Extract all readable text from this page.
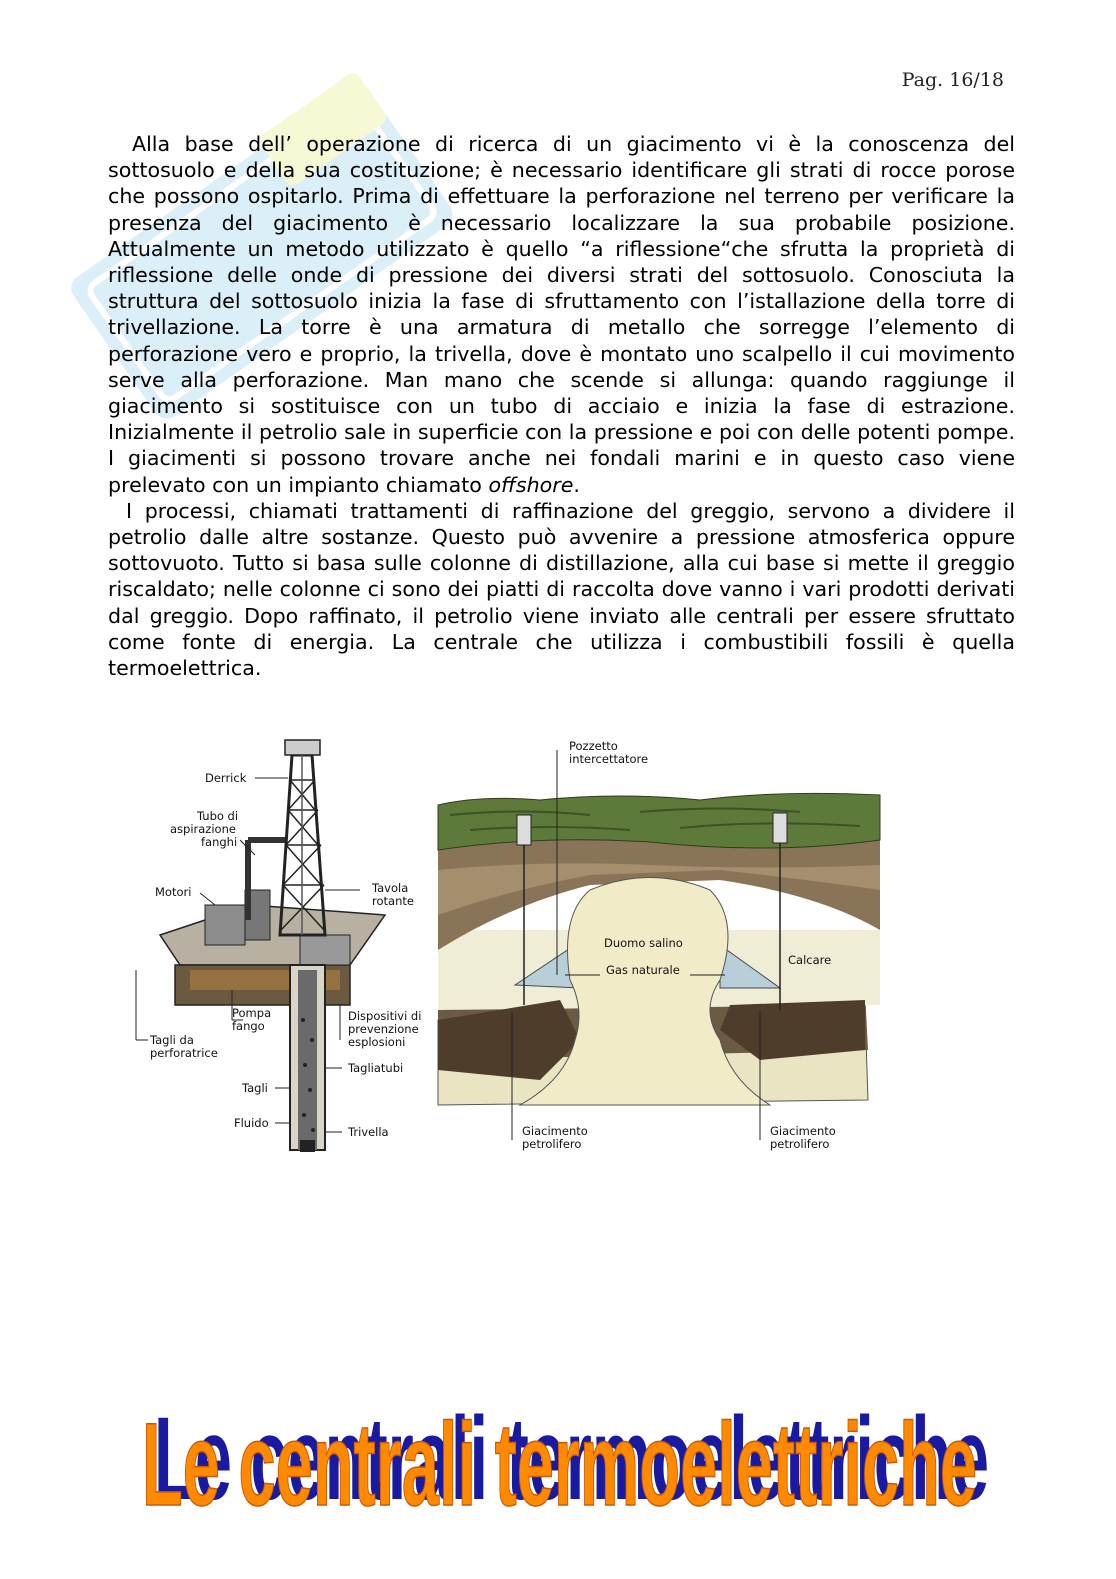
Pag. 16/18

Alla base dell’ operazione di ricerca di un giacimento vi è la conoscenza del sottosuolo e della sua costituzione; è necessario identificare gli strati di rocce porose che possono ospitarlo. Prima di effettuare la perforazione nel terreno per verificare la presenza del giacimento è necessario localizzare la sua probabile posizione. Attualmente un metodo utilizzato è quello “a riflessione“che sfrutta la proprietà di riflessione delle onde di pressione dei diversi strati del sottosuolo. Conosciuta la struttura del sottosuolo inizia la fase di sfruttamento con l’istallazione della torre di trivellazione. La torre è una armatura di metallo che sorregge l’elemento di perforazione vero e proprio, la trivella, dove è montato uno scalpello il cui movimento serve alla perforazione. Man mano che scende si allunga: quando raggiunge il giacimento si sostituisce con un tubo di acciaio e inizia la fase di estrazione. Inizialmente il petrolio sale in superficie con la pressione e poi con delle potenti pompe. I giacimenti si possono trovare anche nei fondali marini e in questo caso viene prelevato con un impianto chiamato offshore.

I processi, chiamati trattamenti di raffinazione del greggio, servono a dividere il petrolio dalle altre sostanze. Questo può avvenire a pressione atmosferica oppure sottovuoto. Tutto si basa sulle colonne di distillazione, alla cui base si mette il greggio riscaldato; nelle colonne ci sono dei piatti di raccolta dove vanno i vari prodotti derivati dal greggio. Dopo raffinato, il petrolio viene inviato alle centrali per essere sfruttato come fonte di energia. La centrale che utilizza i combustibili fossili è quella termoelettrica.

Derrick
Tubo di
aspirazione
fanghi
Motori	Tavola
rotante
Pompa
fango
Dispositivi di
prevenzione
esplosioni
Tagli da
perforatrice
Tagliatubi
Tagli
Fluido
Trivella
Pozzetto
intercettatore
Duomo salino
Gas naturale
Calcare
Giacimento
petrolifero
Giacimento
petrolifero
Le centrali termoelettriche
Le centrali termoelettriche
